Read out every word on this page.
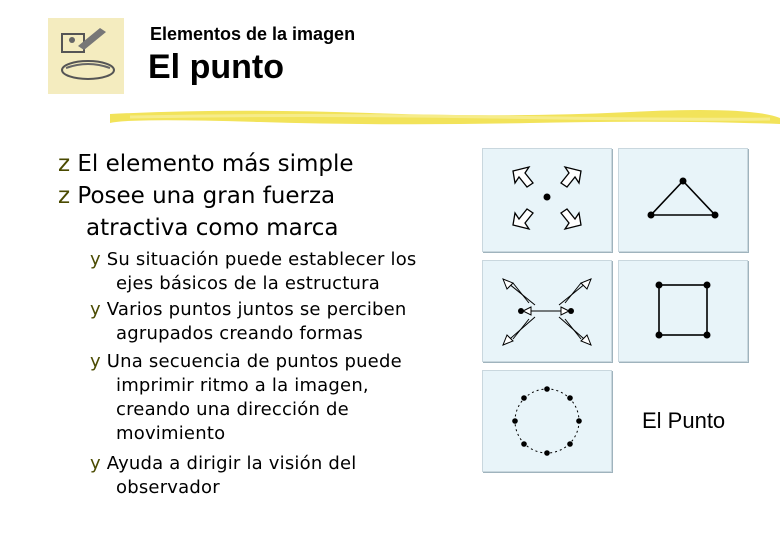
Elementos de la imagen
El punto
z El elemento más simple
z Posee una gran fuerza
atractiva como marca
y Su situación puede establecer los
ejes básicos de la estructura
y Varios puntos juntos se perciben
agrupados creando formas
y Una secuencia de puntos puede
imprimir ritmo a la imagen,
creando una dirección de
movimiento
y Ayuda a dirigir la visión del
observador
El Punto
